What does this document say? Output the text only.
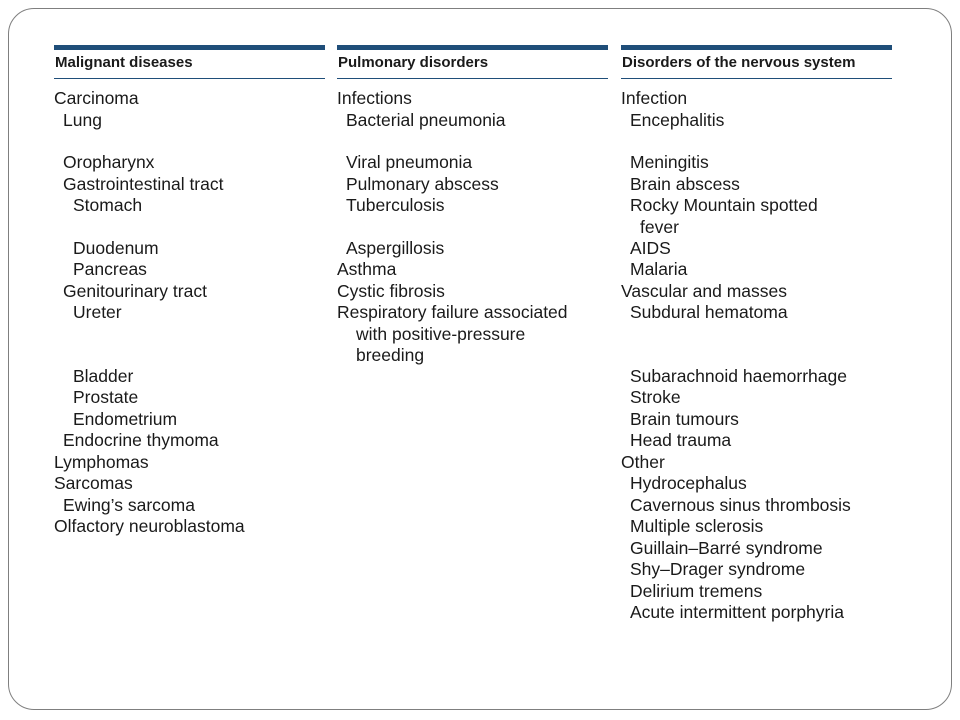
Malignant diseases
Carcinoma
Lung
Oropharynx
Gastrointestinal tract
Stomach
Duodenum
Pancreas
Genitourinary tract
Ureter
Bladder
Prostate
Endometrium
Endocrine thymoma
Lymphomas
Sarcomas
Ewing’s sarcoma
Olfactory neuroblastoma
Pulmonary disorders
Infections
Bacterial pneumonia
Viral pneumonia
Pulmonary abscess
Tuberculosis
Aspergillosis
Asthma
Cystic fibrosis
Respiratory failure associated
with positive-pressure
breeding
Disorders of the nervous system
Infection
Encephalitis
Meningitis
Brain abscess
Rocky Mountain spotted
fever
AIDS
Malaria
Vascular and masses
Subdural hematoma
Subarachnoid haemorrhage
Stroke
Brain tumours
Head trauma
Other
Hydrocephalus
Cavernous sinus thrombosis
Multiple sclerosis
Guillain–Barré syndrome
Shy–Drager syndrome
Delirium tremens
Acute intermittent porphyria
